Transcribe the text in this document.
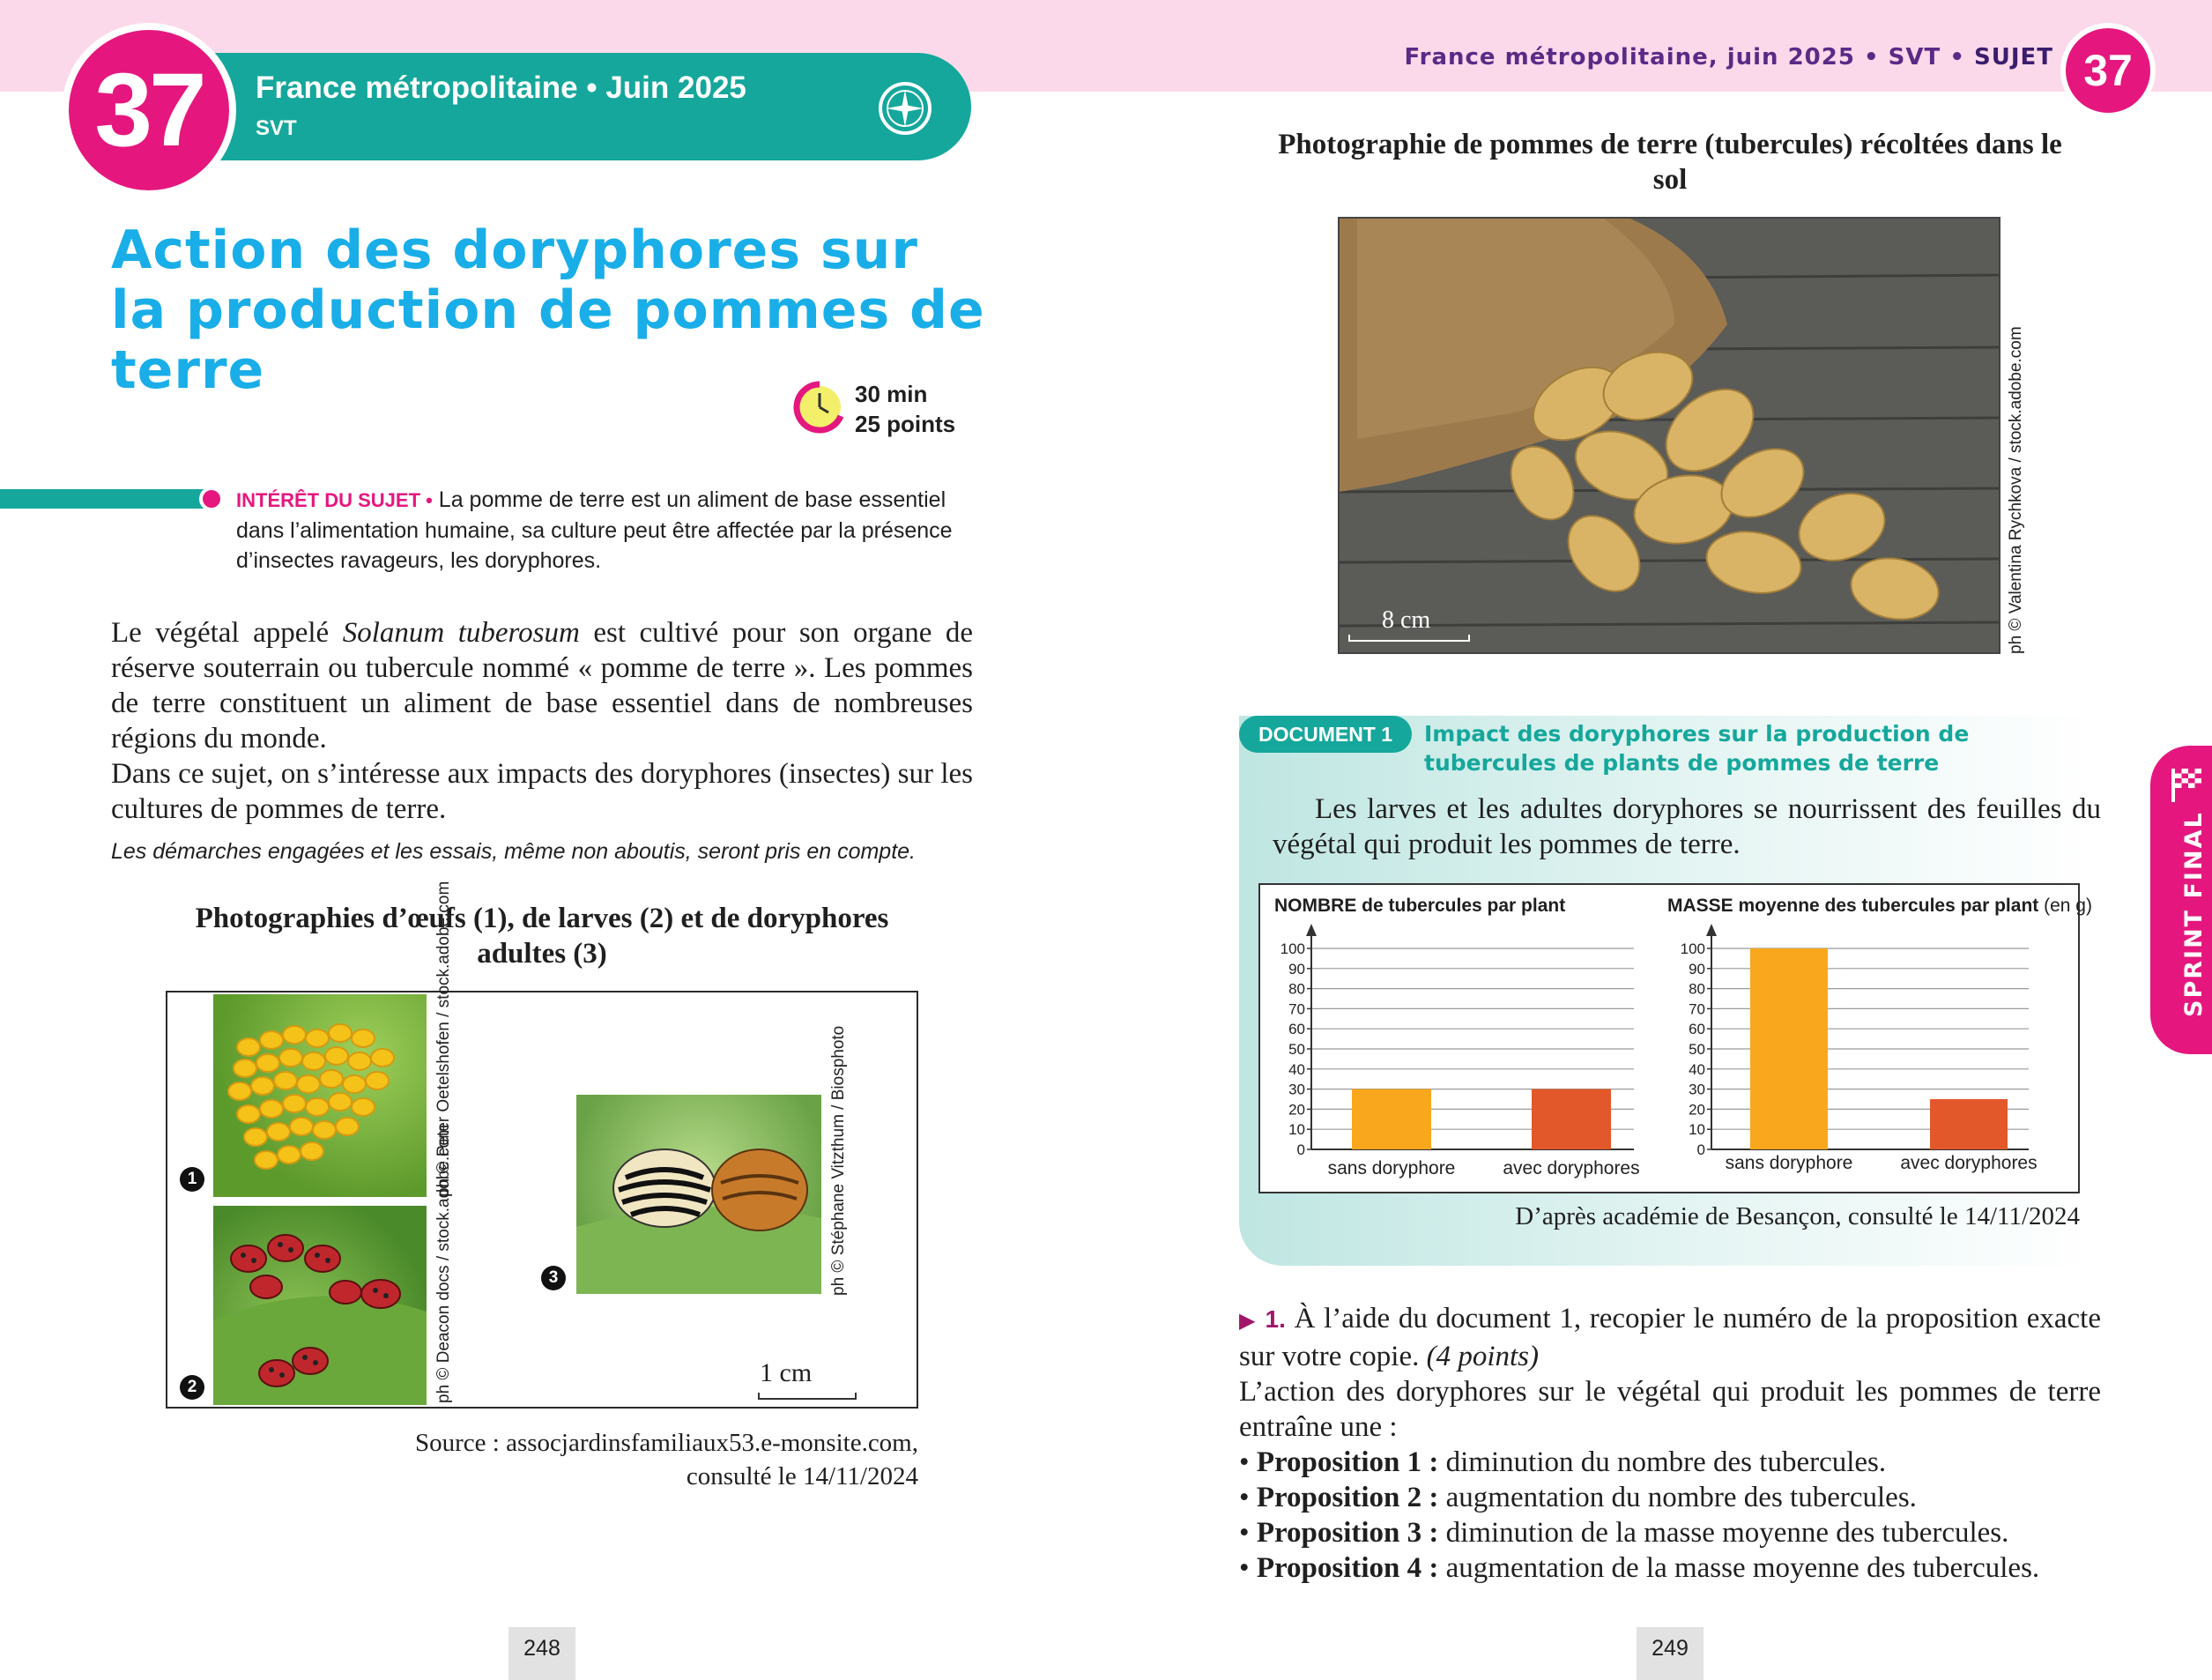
37	France métropolitaine • Juin 2025
SVT
Action des doryphores sur la production de pommes de terre	30 min
25 points
INTÉRÊT DU SUJET • La pomme de terre est un aliment de base essentiel dans l’alimentation humaine, sa culture peut être affectée par la présence d’insectes ravageurs, les doryphores.

Le végétal appelé Solanum tuberosum est cultivé pour son organe de réserve souterrain ou tubercule nommé « pomme de terre ». Les pommes de terre constituent un aliment de base essentiel dans de nombreuses régions du monde.

Dans ce sujet, on s’intéresse aux impacts des doryphores (insectes) sur les cultures de pommes de terre.

Les démarches engagées et les essais, même non aboutis, seront pris en compte.
Photographies d’œufs (1), de larves (2) et de doryphores adultes (3)
ph © Peter Oetelshofen / stock.adobe.com
1	ph © Deacon docs / stock.adobe.com
2
ph © Stéphane Vitzthum / Biosphoto
3
1 cm
Source : assocjardinsfamiliaux53.e-monsite.com,
consulté le 14/11/2024
248
France métropolitaine, juin 2025 • SVT • SUJET 37
Photographie de pommes de terre (tubercules) récoltées dans le sol
ph © Valentina Rychkova / stock.adobe.com
8 cm
DOCUMENT 1	Impact des doryphores sur la production de tubercules de plants de pommes de terre
Les larves et les adultes doryphores se nourrissent des feuilles du végétal qui produit les pommes de terre.
NOMBRE de tubercules par plant	MASSE moyenne des tubercules par plant (en g)
0
10
20
30
40
50
60
70
80
90
100
sans doryphore	avec doryphores
0
10
20
30
40
50
60
70
80
90
100
sans doryphore	avec doryphores
D’après académie de Besançon, consulté le 14/11/2024

▶ 1. À l’aide du document 1, recopier le numéro de la proposition exacte sur votre copie. (4 points)

L’action des doryphores sur le végétal qui produit les pommes de terre entraîne une :

• Proposition 1 : diminution du nombre des tubercules.
• Proposition 2 : augmentation du nombre des tubercules.
• Proposition 3 : diminution de la masse moyenne des tubercules.
• Proposition 4 : augmentation de la masse moyenne des tubercules.
249
SPRINT FINAL
